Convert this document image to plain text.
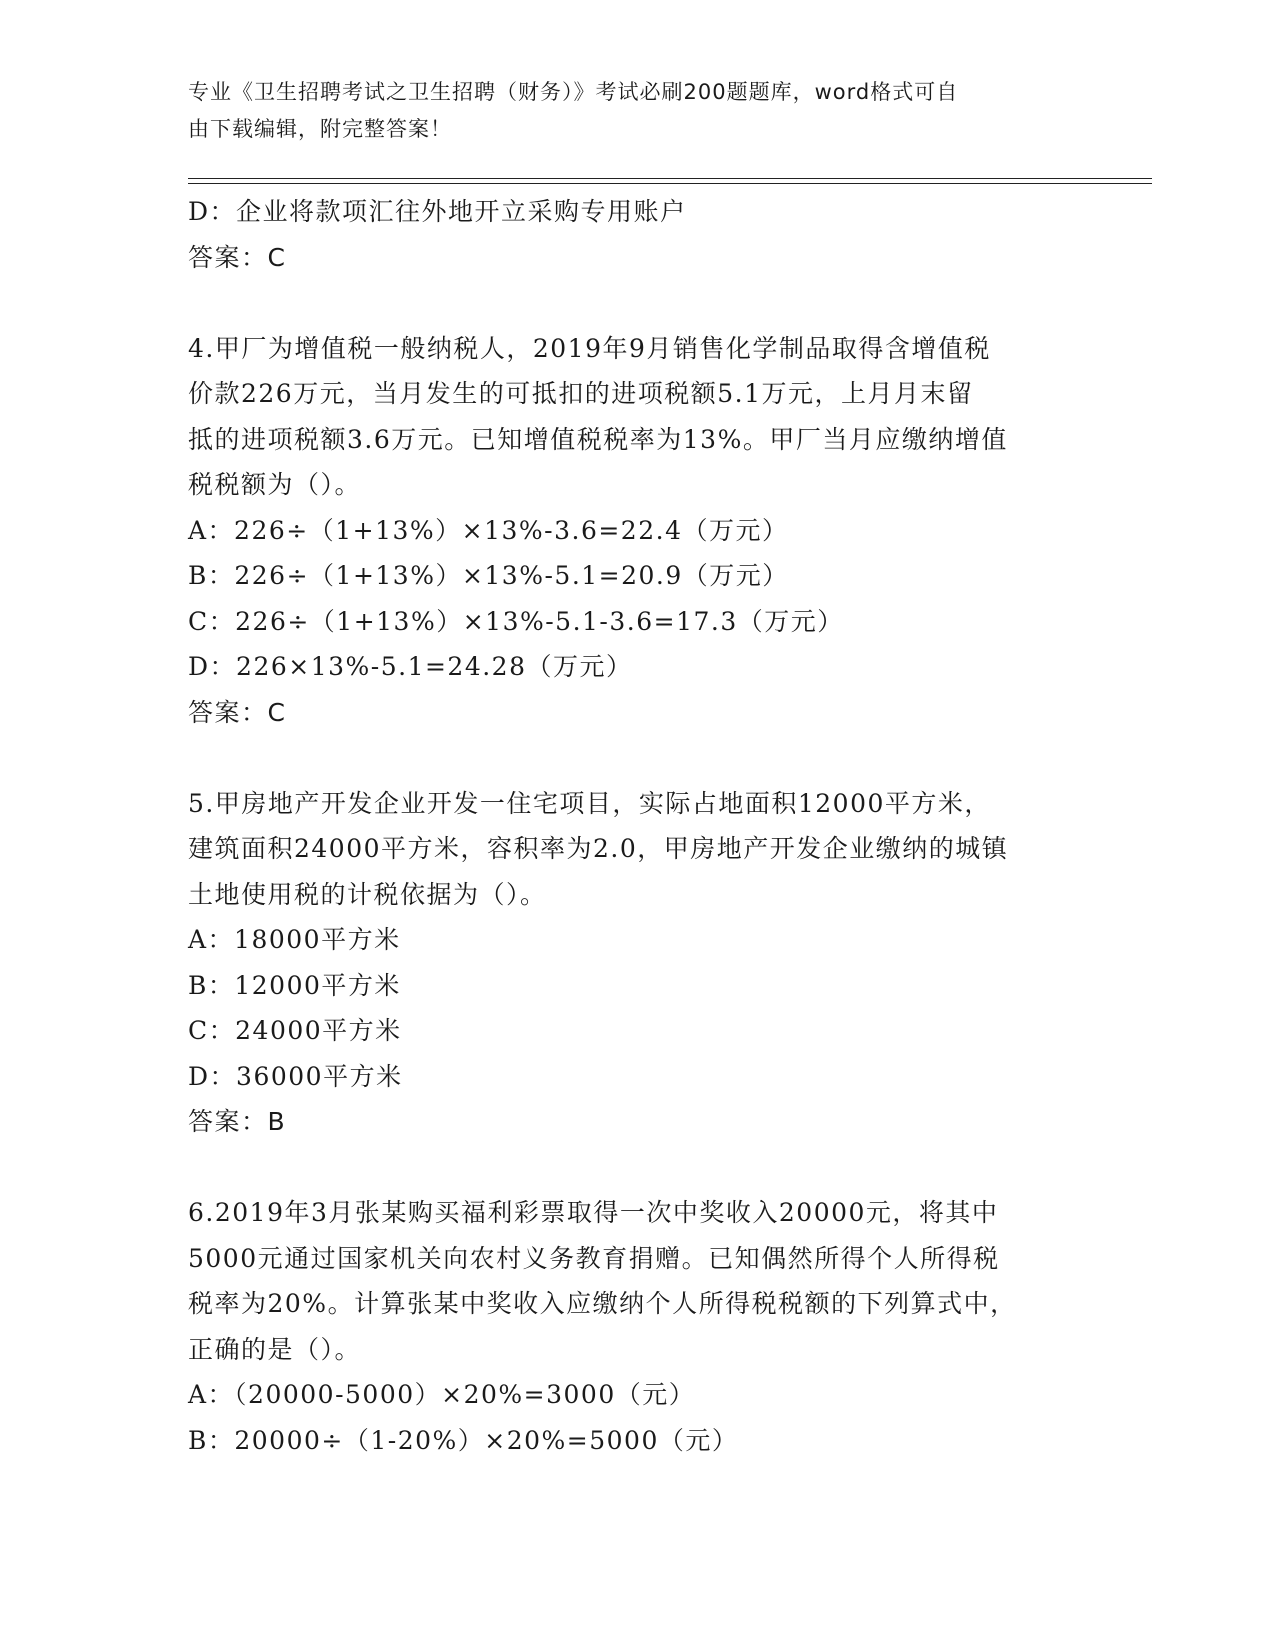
专业《卫生招聘考试之卫生招聘（财务）》考试必刷200题题库，word格式可自
由下载编辑，附完整答案！
D：企业将款项汇往外地开立采购专用账户
答案：C
4.甲厂为增值税一般纳税人，2019年9月销售化学制品取得含增值税
价款226万元，当月发生的可抵扣的进项税额5.1万元，上月月末留
抵的进项税额3.6万元。已知增值税税率为13%。甲厂当月应缴纳增值
税税额为（）。
A：226÷（1+13%）×13%-3.6=22.4（万元）
B：226÷（1+13%）×13%-5.1=20.9（万元）
C：226÷（1+13%）×13%-5.1-3.6=17.3（万元）
D：226×13%-5.1=24.28（万元）
答案：C
5.甲房地产开发企业开发一住宅项目，实际占地面积12000平方米，
建筑面积24000平方米，容积率为2.0，甲房地产开发企业缴纳的城镇
土地使用税的计税依据为（）。
A：18000平方米
B：12000平方米
C：24000平方米
D：36000平方米
答案：B
6.2019年3月张某购买福利彩票取得一次中奖收入20000元，将其中
5000元通过国家机关向农村义务教育捐赠。已知偶然所得个人所得税
税率为20%。计算张某中奖收入应缴纳个人所得税税额的下列算式中，
正确的是（）。
A：（20000-5000）×20%=3000（元）
B：20000÷（1-20%）×20%=5000（元）
